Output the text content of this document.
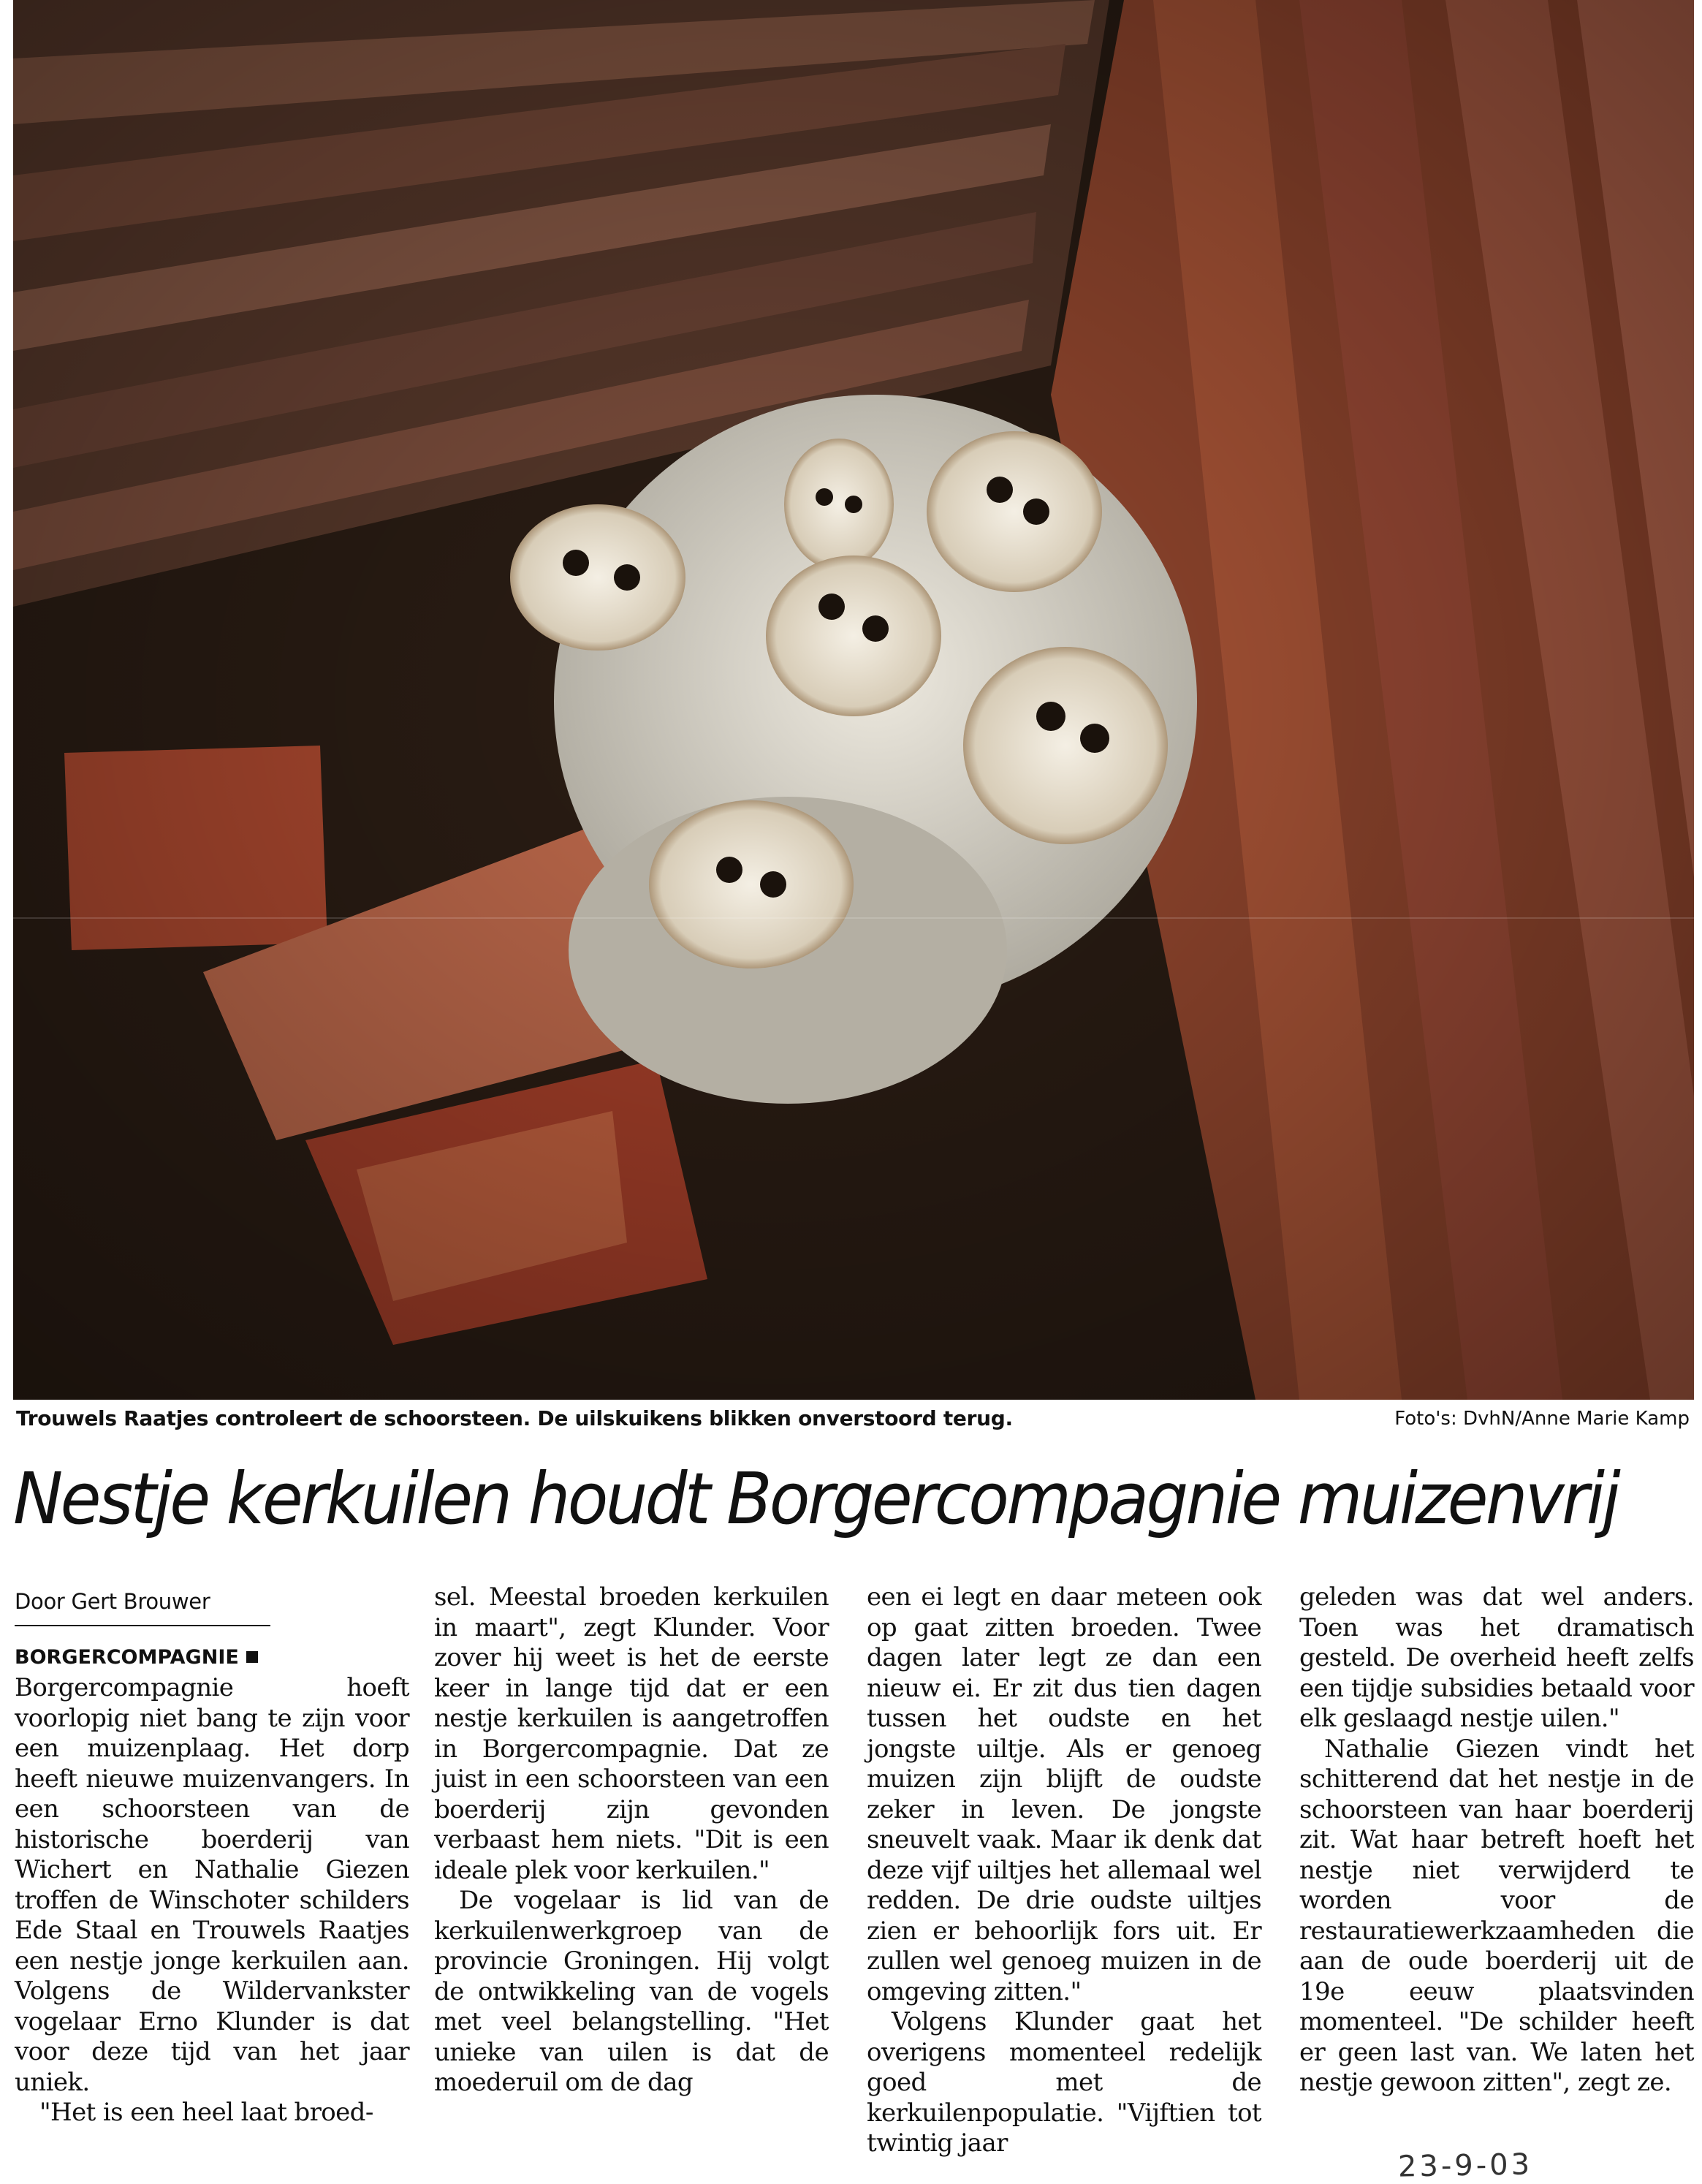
Trouwels Raatjes controleert de schoorsteen. De uilskuikens blikken onverstoord terug.	Foto's: DvhN/Anne Marie Kamp
Nestje kerkuilen houdt Borgercompagnie muizenvrij
Door Gert Brouwer
BORGERCOMPAGNIE

Borgercompagnie hoeft voorlopig niet bang te zijn voor een muizenplaag. Het dorp heeft nieuwe muizenvangers. In een schoorsteen van de historische boerderij van Wichert en Nathalie Giezen troffen de Winschoter schilders Ede Staal en Trouwels Raatjes een nestje jonge kerkuilen aan. Volgens de Wildervankster vogelaar Erno Klunder is dat voor deze tijd van het jaar uniek.

"Het is een heel laat broed-

sel. Meestal broeden kerkuilen in maart", zegt Klunder. Voor zover hij weet is het de eerste keer in lange tijd dat er een nestje kerkuilen is aangetroffen in Borgercompagnie. Dat ze juist in een schoorsteen van een boerderij zijn gevonden verbaast hem niets. "Dit is een ideale plek voor kerkuilen."

De vogelaar is lid van de kerkuilenwerkgroep van de provincie Groningen. Hij volgt de ontwikkeling van de vogels met veel belangstelling. "Het unieke van uilen is dat de moederuil om de dag

een ei legt en daar meteen ook op gaat zitten broeden. Twee dagen later legt ze dan een nieuw ei. Er zit dus tien dagen tussen het oudste en het jongste uiltje. Als er genoeg muizen zijn blijft de oudste zeker in leven. De jongste sneuvelt vaak. Maar ik denk dat deze vijf uiltjes het allemaal wel redden. De drie oudste uiltjes zien er behoorlijk fors uit. Er zullen wel genoeg muizen in de omgeving zitten."

Volgens Klunder gaat het overigens momenteel redelijk goed met de kerkuilenpopulatie. "Vijftien tot twintig jaar

geleden was dat wel anders. Toen was het dramatisch gesteld. De overheid heeft zelfs een tijdje subsidies betaald voor elk geslaagd nestje uilen."

Nathalie Giezen vindt het schitterend dat het nestje in de schoorsteen van haar boerderij zit. Wat haar betreft hoeft het nestje niet verwijderd te worden voor de restauratiewerkzaamheden die aan de oude boerderij uit de 19e eeuw plaatsvinden momenteel. "De schilder heeft er geen last van. We laten het nestje gewoon zitten", zegt ze.

23-9-03
